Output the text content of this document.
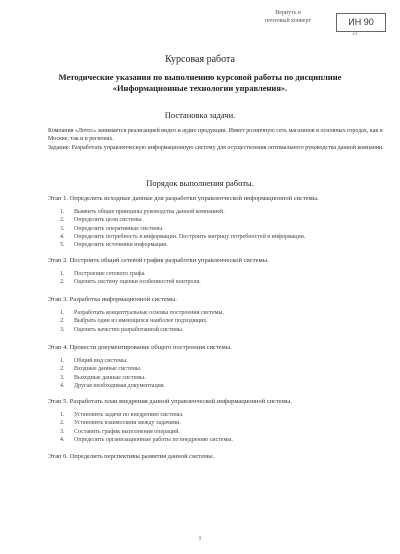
Вернуть в
почтовый конверт	ИН 90
34
Курсовая работа
Методические указания по выполнению курсовой работы по дисциплине «Информационные технологии управления».
Постановка задачи.
Компания «Лотос» занимается реализацией видео и аудио продукции. Имеет розничную сеть магазинов в основных городах, как в Москве, так и в регионах.
Задание: Разработать управленческую информационную систему для осуществления оптимального руководства данной компании.
Порядок выполнения работы.
Этап 1. Определить исходные данные для разработки управленческой информационной системы.
1.	Выявить общие принципы руководства данной компанией.
2.	Определить цели системы.
3.	Определить оперативные системы.
4.	Определить потребность в информации. Построить матрицу потребностей в информации.
5.	Определить источники информации.
Этап 2. Построить общий сетевой график разработки управленческой системы.
1.	Построение сетевого графа.
2.	Оценить систему оценки особенностей контроля.
Этап 3. Разработка информационной системы.
1.	Разработать концептуальные основы построения системы.
2.	Выбрать один из имеющихся наиболее подходящих.
3.	Оценить качество разработанной системы.
Этап 4. Провести документирование общего построения системы.
1.	Общий вид системы.
2.	Входные данные системы.
3.	Выходные данные системы.
4.	Другая необходимая документация.
Этап 5. Разработать план внедрения данной управленческой информационной системы.
1.	Установить задачи по внедрению системы.
2.	Установить взаимосвязи между задачами.
3.	Составить график выполнения операций.
4.	Определить организационные работы по внедрению системы.
Этап 6. Определить перспективы развития данной системы.
1
